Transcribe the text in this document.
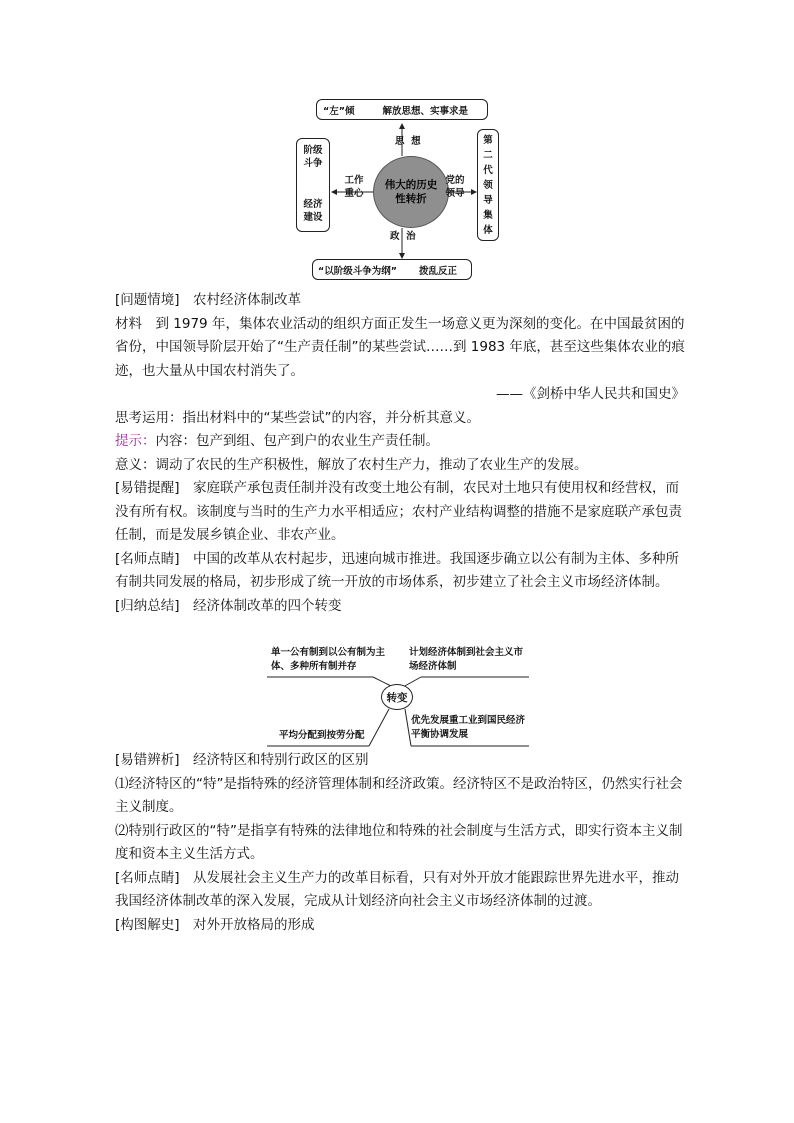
“左”倾	解放思想、实事求是
“以阶级斗争为纲” 拨乱反正
阶级斗争
经济建设
第二代领导集体
伟大的历史性转折
思  想
政  治
工作重心
党的领导

[问题情境]　 农村经济体制改革

材料　到 1979 年，集体农业活动的组织方面正发生一场意义更为深刻的变化。在中国最贫困的省份，中国领导阶层开始了“生产责任制”的某些尝试……到 1983 年底，甚至这些集体农业的痕迹，也大量从中国农村消失了。

——《剑桥中华人民共和国史》

思考运用：指出材料中的“某些尝试”的内容，并分析其意义。

提示：内容：包产到组、包产到户的农业生产责任制。

意义：调动了农民的生产积极性，解放了农村生产力，推动了农业生产的发展。

[易错提醒]　 家庭联产承包责任制并没有改变土地公有制，农民对土地只有使用权和经营权，而没有所有权。该制度与当时的生产力水平相适应；农村产业结构调整的措施不是家庭联产承包责任制，而是发展乡镇企业、非农产业。

[名师点睛]　 中国的改革从农村起步，迅速向城市推进。我国逐步确立以公有制为主体、多种所有制共同发展的格局，初步形成了统一开放的市场体系，初步建立了社会主义市场经济体制。

[归纳总结]　 经济体制改革的四个转变

单一公有制到以公有制为主体、多种所有制并存
计划经济体制到社会主义市场经济体制
平均分配到按劳分配
优先发展重工业到国民经济平衡协调发展
转变

[易错辨析]　 经济特区和特别行政区的区别

⑴经济特区的“特”是指特殊的经济管理体制和经济政策。经济特区不是政治特区，仍然实行社会主义制度。

⑵特别行政区的“特”是指享有特殊的法律地位和特殊的社会制度与生活方式，即实行资本主义制度和资本主义生活方式。

[名师点睛]　 从发展社会主义生产力的改革目标看，只有对外开放才能跟踪世界先进水平，推动我国经济体制改革的深入发展，完成从计划经济向社会主义市场经济体制的过渡。

[构图解史]　 对外开放格局的形成
